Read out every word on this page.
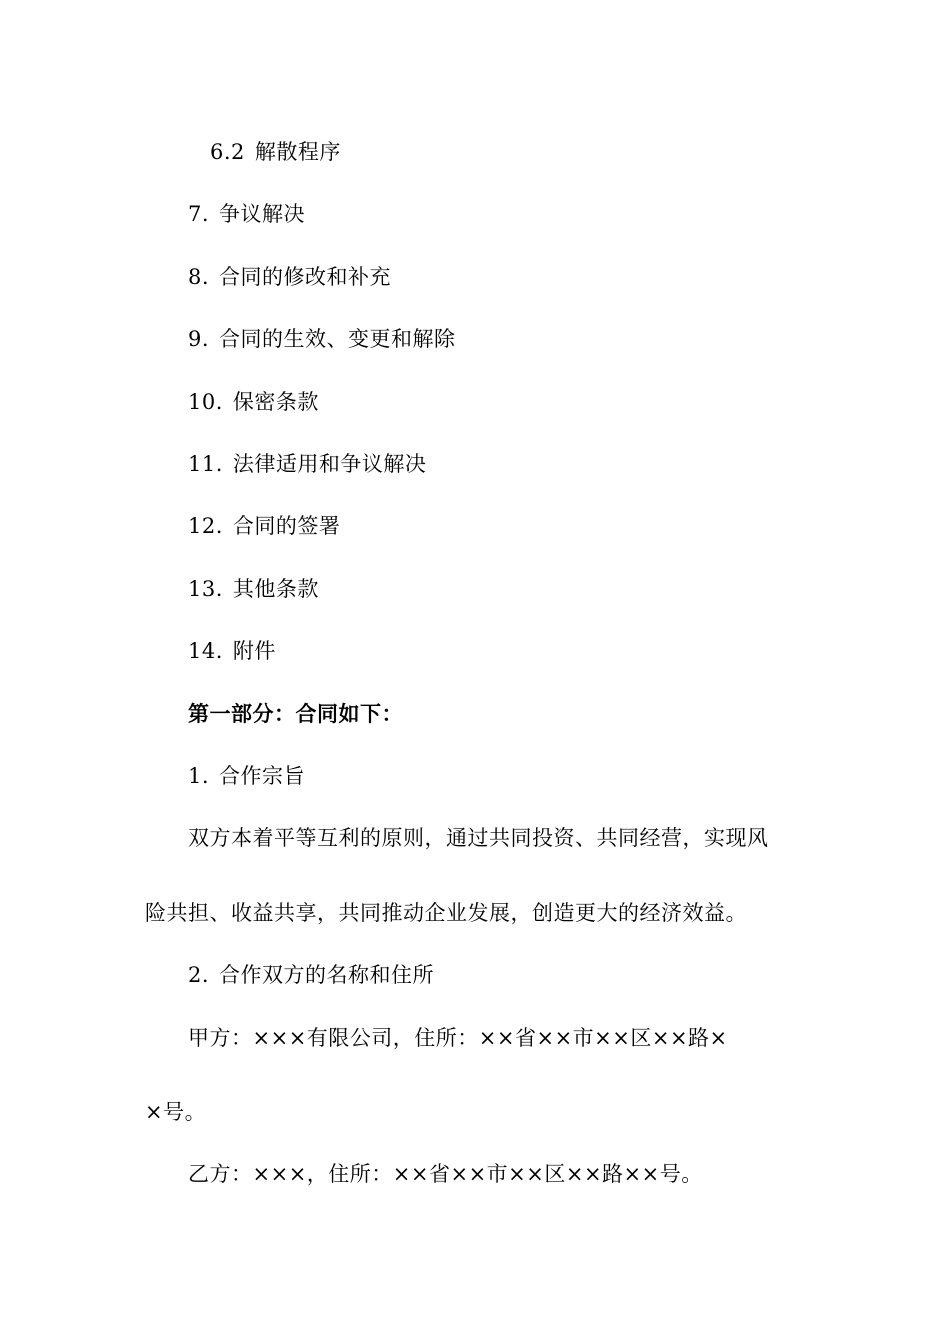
6.2 解散程序
7. 争议解决
8. 合同的修改和补充
9. 合同的生效、变更和解除
10. 保密条款
11. 法律适用和争议解决
12. 合同的签署
13. 其他条款
14. 附件
第一部分：合同如下：
1. 合作宗旨
双方本着平等互利的原则，通过共同投资、共同经营，实现风
险共担、收益共享，共同推动企业发展，创造更大的经济效益。
2. 合作双方的名称和住所
甲方：×××有限公司，住所：××省××市××区××路×
×号。
乙方：×××，住所：××省××市××区××路××号。
